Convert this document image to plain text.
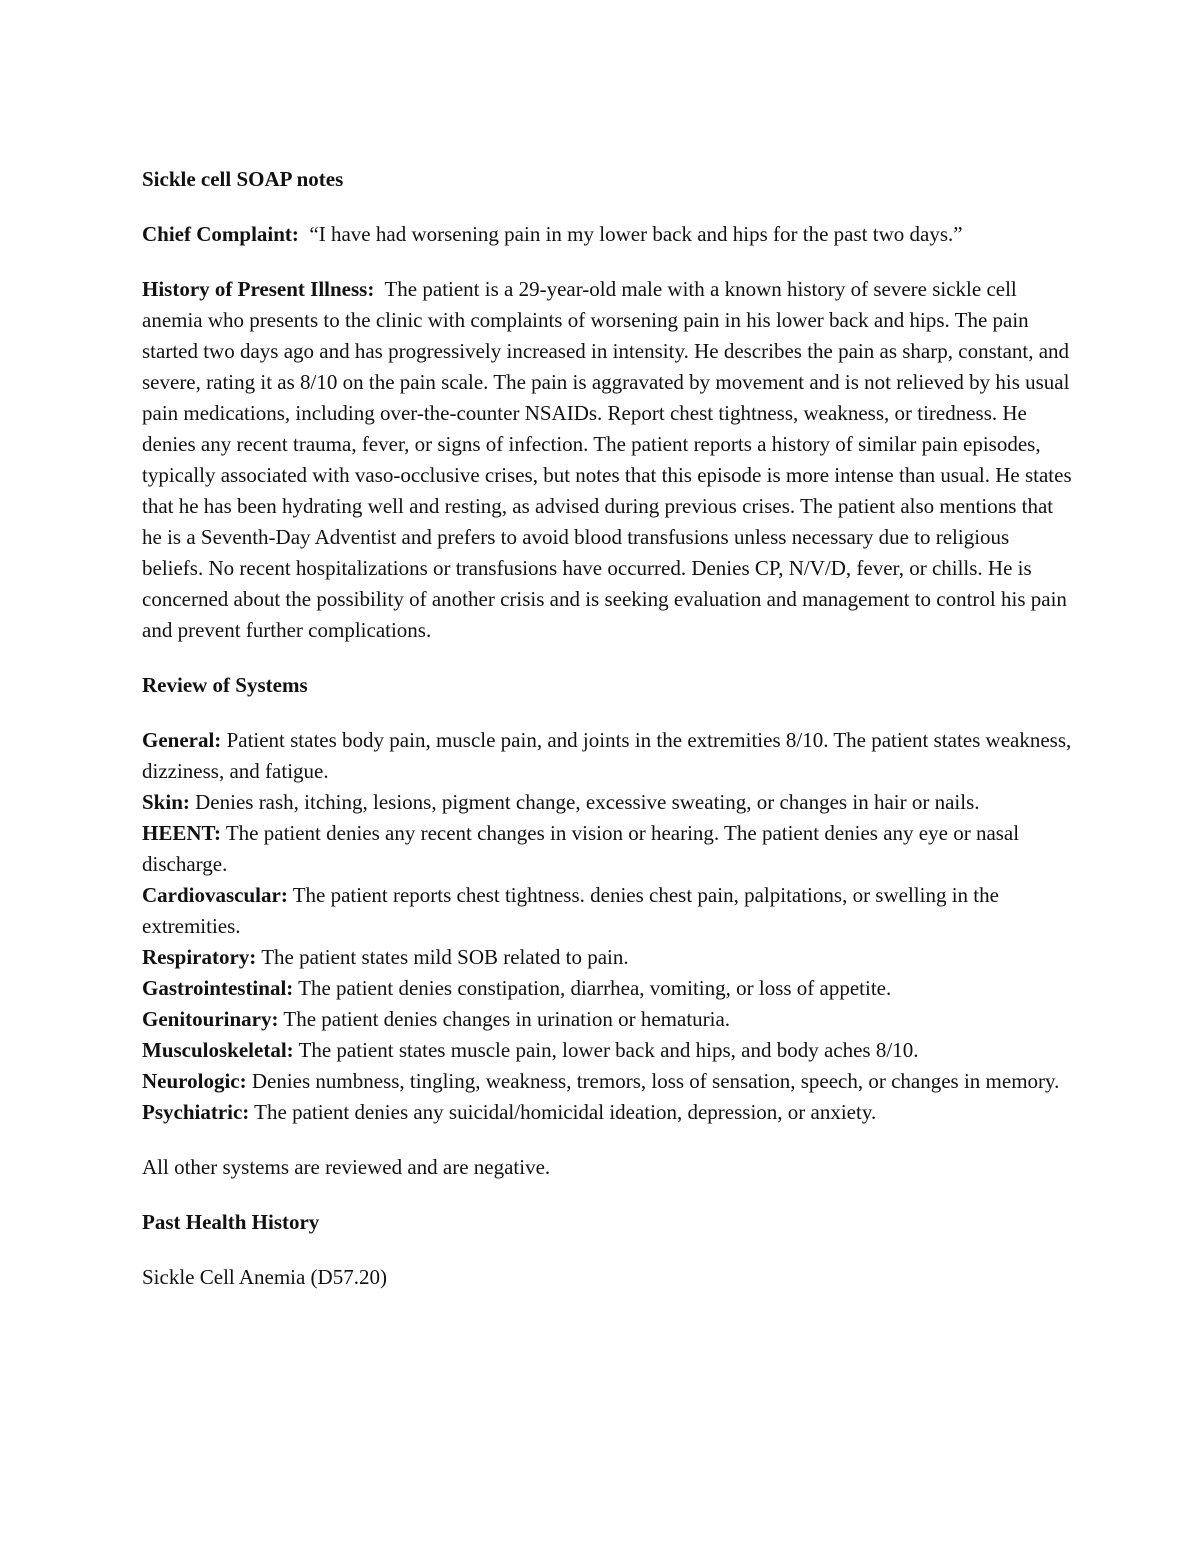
Sickle cell SOAP notes

Chief Complaint: “I have had worsening pain in my lower back and hips for the past two days.”

History of Present Illness: The patient is a 29-year-old male with a known history of severe sickle cell anemia who presents to the clinic with complaints of worsening pain in his lower back and hips. The pain started two days ago and has progressively increased in intensity. He describes the pain as sharp, constant, and severe, rating it as 8/10 on the pain scale. The pain is aggravated by movement and is not relieved by his usual pain medications, including over-the-counter NSAIDs. Report chest tightness, weakness, or tiredness. He denies any recent trauma, fever, or signs of infection. The patient reports a history of similar pain episodes, typically associated with vaso-occlusive crises, but notes that this episode is more intense than usual. He states that he has been hydrating well and resting, as advised during previous crises. The patient also mentions that he is a Seventh-Day Adventist and prefers to avoid blood transfusions unless necessary due to religious beliefs. No recent hospitalizations or transfusions have occurred. Denies CP, N/V/D, fever, or chills. He is concerned about the possibility of another crisis and is seeking evaluation and management to control his pain and prevent further complications.

Review of Systems

General: Patient states body pain, muscle pain, and joints in the extremities 8/10. The patient states weakness, dizziness, and fatigue.

Skin: Denies rash, itching, lesions, pigment change, excessive sweating, or changes in hair or nails.

HEENT: The patient denies any recent changes in vision or hearing. The patient denies any eye or nasal discharge.

Cardiovascular: The patient reports chest tightness. denies chest pain, palpitations, or swelling in the extremities.

Respiratory: The patient states mild SOB related to pain.

Gastrointestinal: The patient denies constipation, diarrhea, vomiting, or loss of appetite.

Genitourinary: The patient denies changes in urination or hematuria.

Musculoskeletal: The patient states muscle pain, lower back and hips, and body aches 8/10.

Neurologic: Denies numbness, tingling, weakness, tremors, loss of sensation, speech, or changes in memory.

Psychiatric: The patient denies any suicidal/homicidal ideation, depression, or anxiety.

All other systems are reviewed and are negative.

Past Health History

Sickle Cell Anemia (D57.20)
